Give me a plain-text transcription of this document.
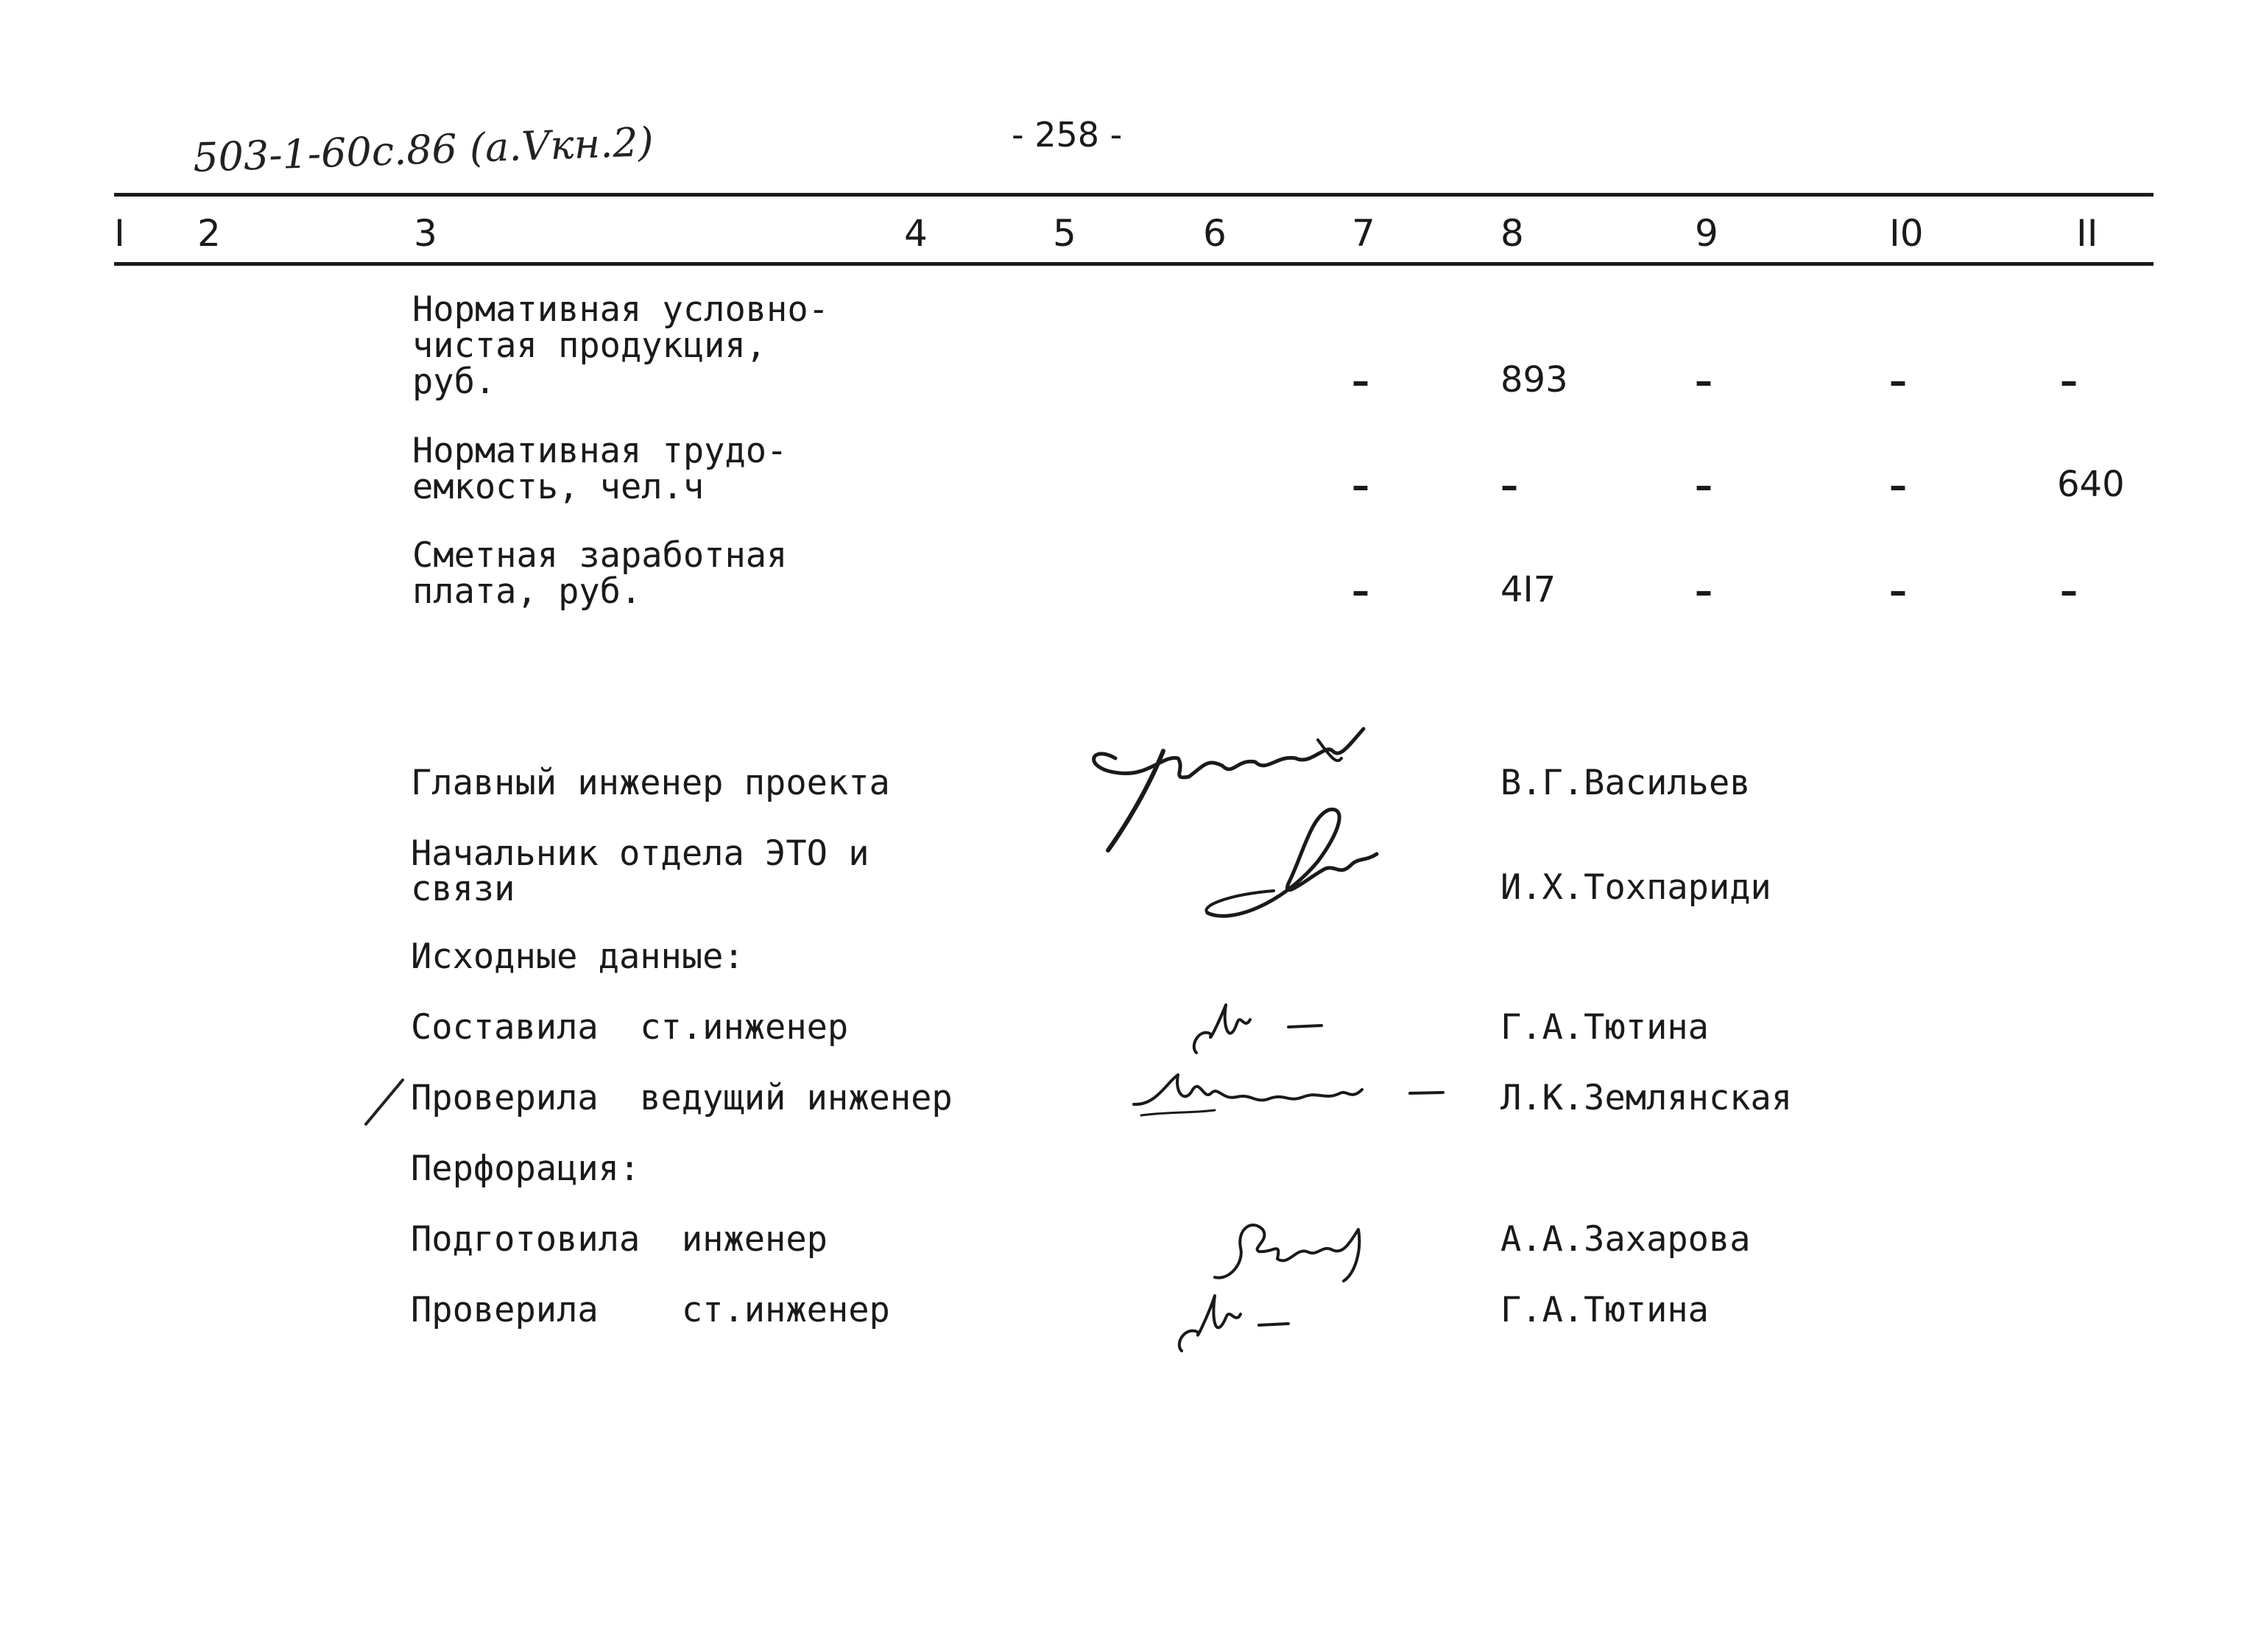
503-1-60с.86 (а.Vкн.2)	- 258 -
I 2	3	4	5	6	7	8	9	I0	II
Нормативная условно-
чистая продукция,
руб.	–	893	–	–	–
Нормативная трудо-
емкость, чел.ч	–	–	–	–	640
Сметная заработная
плата, руб.	–	4I7	–	–	–
Главный инженер проекта	В.Г.Васильев
Начальник отдела ЭТО и
связи	И.Х.Тохпариди
Исходные данные:
Составила  ст.инженер	Г.А.Тютина
Проверила  ведущий инженер	Л.К.Землянская
Перфорация:
Подготовила  инженер	А.А.Захарова
Проверила    ст.инженер	Г.А.Тютина
